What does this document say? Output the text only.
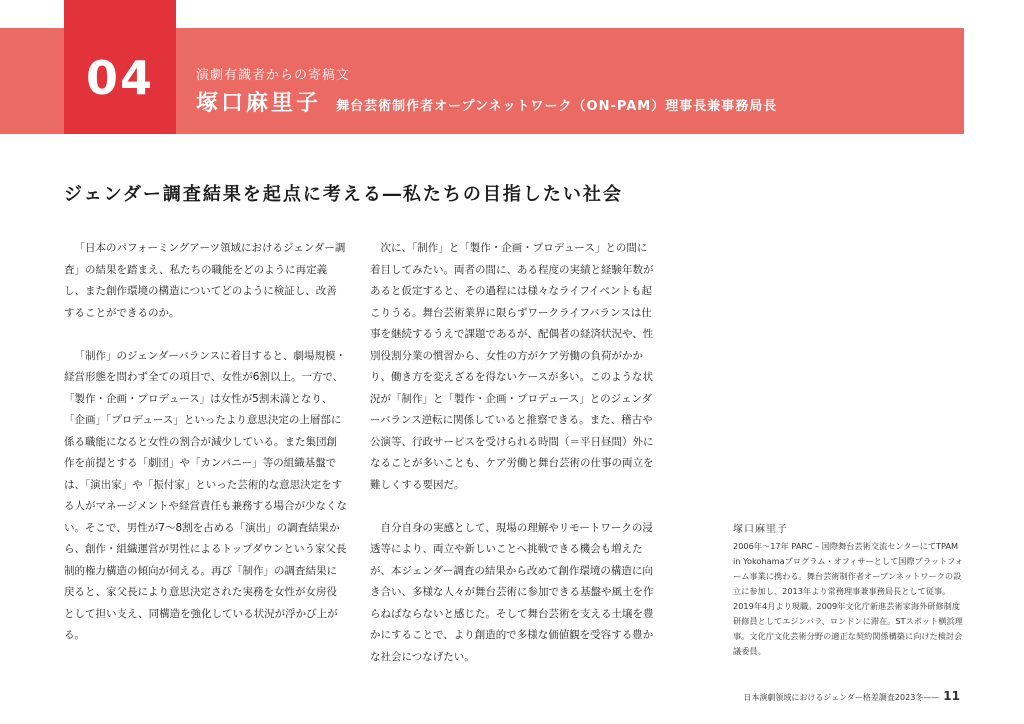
04	演劇有識者からの寄稿文
塚口麻里子 舞台芸術制作者オープンネットワーク（ON-PAM）理事長兼事務局長
ジェンダー調査結果を起点に考える―私たちの目指したい社会

「日本のパフォーミングアーツ領域におけるジェンダー調査」の結果を踏まえ、私たちの職能をどのように再定義し、また創作環境の構造についてどのように検証し、改善することができるのか。

「制作」のジェンダーバランスに着目すると、劇場規模・経営形態を問わず全ての項目で、女性が6割以上。一方で、「製作・企画・プロデュース」は女性が5割未満となり、「企画」「プロデュース」といったより意思決定の上層部に係る職能になると女性の割合が減少している。また集団創作を前提とする「劇団」や「カンパニー」等の組織基盤では、「演出家」や「振付家」といった芸術的な意思決定をする人がマネージメントや経営責任も兼務する場合が少なくない。そこで、男性が7〜8割を占める「演出」の調査結果から、創作・組織運営が男性によるトップダウンという家父長制的権力構造の傾向が伺える。再び「制作」の調査結果に戻ると、家父長により意思決定された実務を女性が女房役として担い支え、同構造を強化している状況が浮かび上がる。

次に、「制作」と「製作・企画・プロデュース」との間に着目してみたい。両者の間に、ある程度の実績と経験年数があると仮定すると、その過程には様々なライフイベントも起こりうる。舞台芸術業界に限らずワークライフバランスは仕事を継続するうえで課題であるが、配偶者の経済状況や、性別役割分業の慣習から、女性の方がケア労働の負荷がかかり、働き方を変えざるを得ないケースが多い。このような状況が「制作」と「製作・企画・プロデュース」とのジェンダーバランス逆転に関係していると推察できる。また、稽古や公演等、行政サービスを受けられる時間（＝平日昼間）外になることが多いことも、ケア労働と舞台芸術の仕事の両立を難しくする要因だ。

自分自身の実感として、現場の理解やリモートワークの浸透等により、両立や新しいことへ挑戦できる機会も増えたが、本ジェンダー調査の結果から改めて創作環境の構造に向き合い、多様な人々が舞台芸術に参加できる基盤や風土を作らねばならないと感じた。そして舞台芸術を支える土壌を豊かにすることで、より創造的で多様な価値観を受容する豊かな社会につなげたい。

塚口麻里子
2006年〜17年 PARC – 国際舞台芸術交流センターにてTPAM in Yokohamaプログラム・オフィサーとして国際プラットフォーム事業に携わる。舞台芸術制作者オープンネットワークの設立に参加し、2013年より常務理事兼事務局長として従事。2019年4月より現職。2009年文化庁新進芸術家海外研修制度研修員としてエジンバラ、ロンドンに滞在。STスポット横浜理事。文化庁文化芸術分野の適正な契約関係構築に向けた検討会議委員。
日本演劇領域におけるジェンダー格差調査2023冬—— 11
